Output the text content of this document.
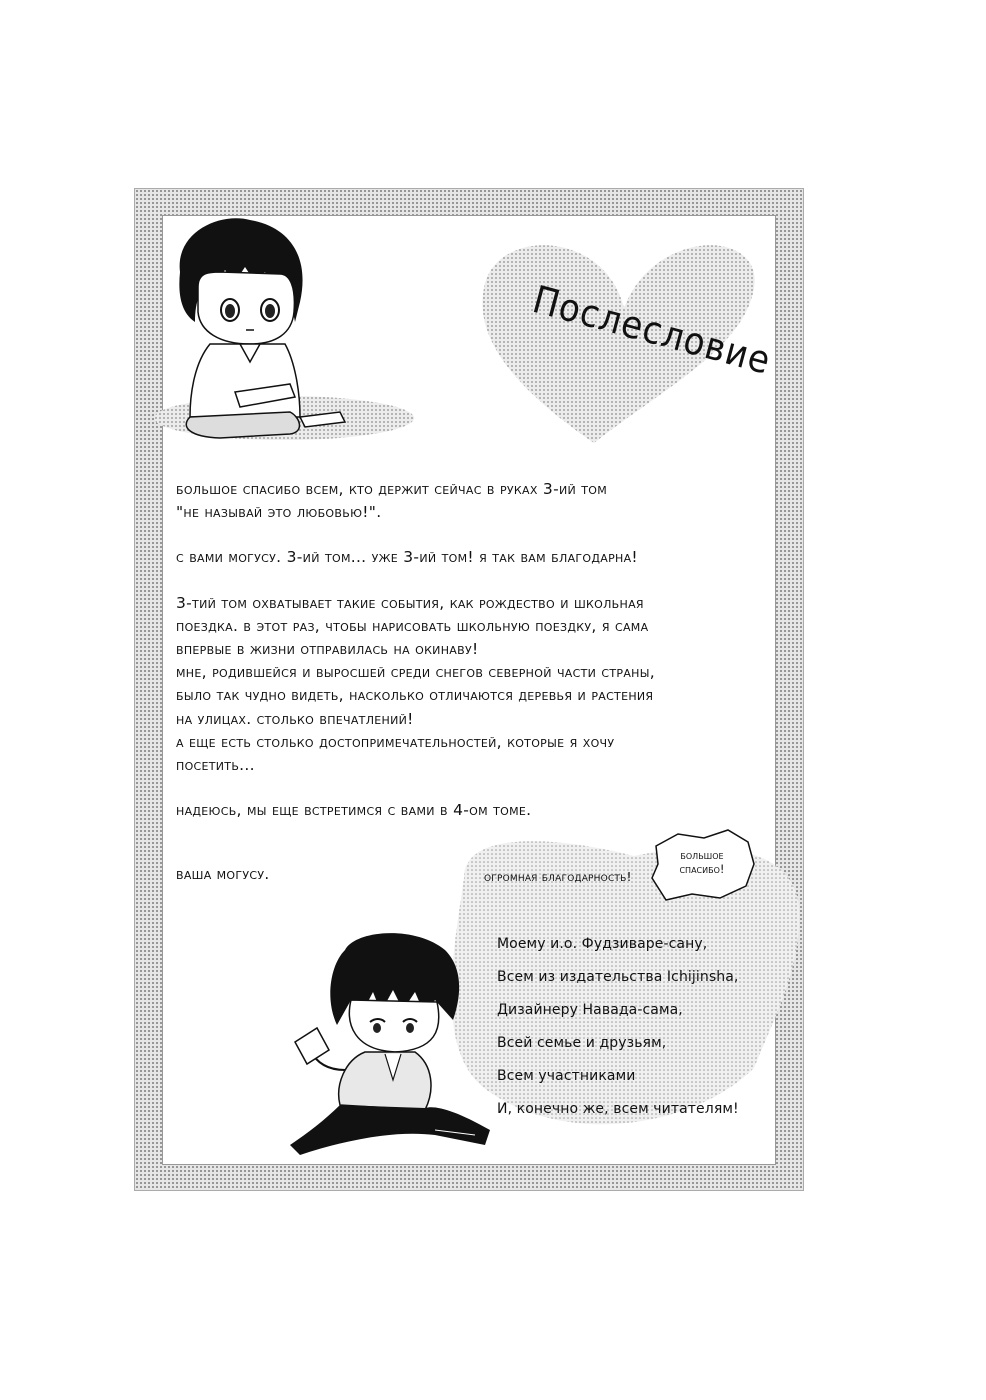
Послесловие

большое спасибо всем, кто держит сейчас в руках 3-ий том

"не называй это любовью!".

с вами могусу. 3-ий том... уже 3-ий том! я так вам благодарна!

3-тий том охватывает такие события, как рождество и школьная

поездка. в этот раз, чтобы нарисовать школьную поездку, я сама

впервые в жизни отправилась на окинаву!

мне, родившейся и выросшей среди снегов северной части страны,

было так чудно видеть, насколько отличаются деревья и растения

на улицах. столько впечатлений!

а еще есть столько достопримечательностей, которые я хочу

посетить...

надеюсь, мы еще встретимся с вами в 4-ом томе.

ваша могусу.	огромная благодарность!
большое
спасибо!
Моему и.о. Фудзиваре-сану,
Всем из издательства Ichijinsha,
Дизайнеру Навада-сама,
Всей семье и друзьям,
Всем участниками
И, конечно же, всем читателям!
